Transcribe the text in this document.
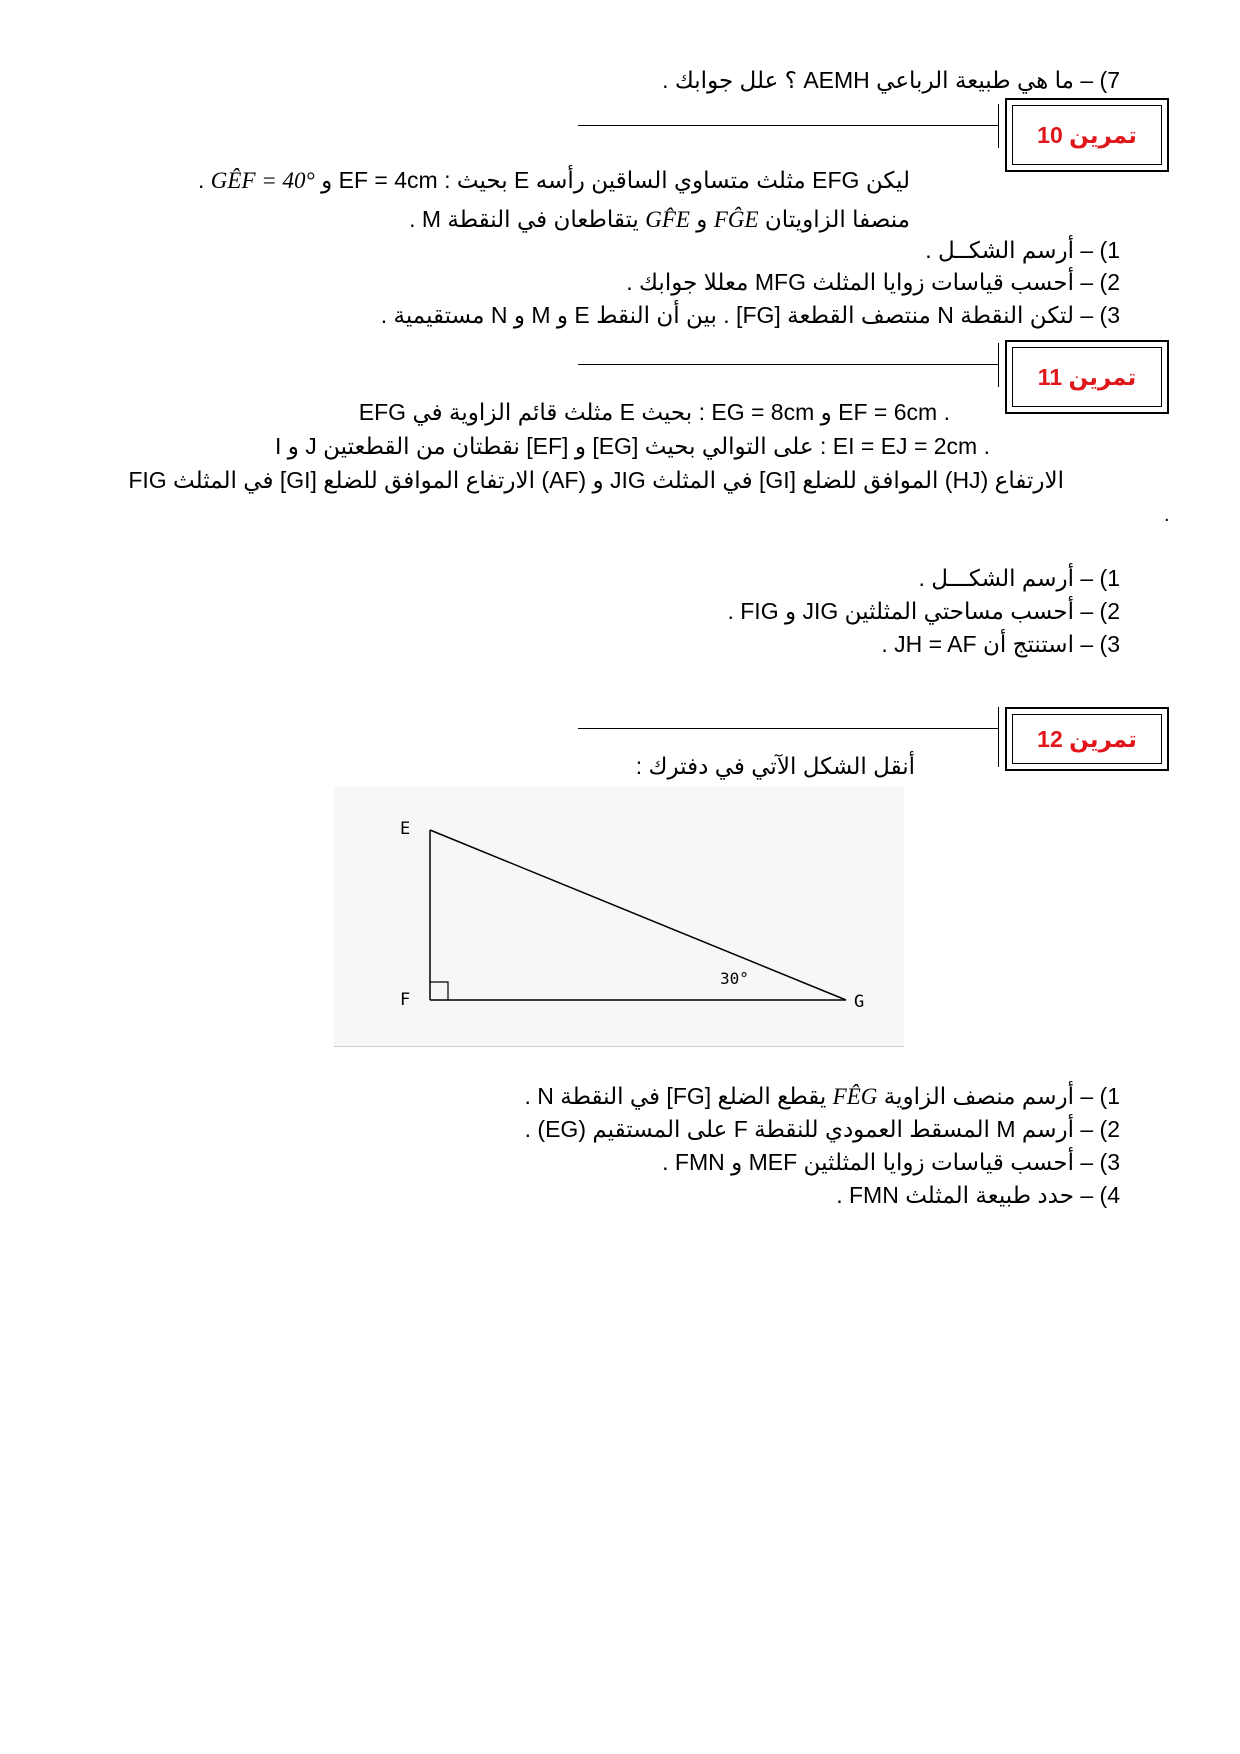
7) – ما هي طبيعة الرباعي AEMH ؟ علل جوابك .
تمرين 10
ليكن EFG مثلث متساوي الساقين رأسه E بحيث : EF = 4cm و GÊF = 40° .
منصفا الزاويتان FĜE و GF̂E يتقاطعان في النقطة M .
1) – أرسم الشكــل .
2) – أحسب قياسات زوايا المثلث MFG معللا جوابك .
3) – لتكن النقطة N منتصف القطعة [FG] . بين أن النقط E و M و N مستقيمية .
تمرين 11
EFG مثلث قائم الزاوية في E بحيث : EG = 8cm و EF = 6cm .
I و J نقطتان من القطعتين [EF] و [EG] على التوالي بحيث : EI = EJ = 2cm .
الارتفاع (HJ) الموافق للضلع [GI] في المثلث JIG و (AF) الارتفاع الموافق للضلع [GI] في المثلث FIG
.
1) – أرسم الشكـــل .
2) – أحسب مساحتي المثلثين JIG و FIG .
3) – استنتج أن JH = AF .
تمرين 12
أنقل الشكل الآتي في دفترك :
E
F	G
30°
1) – أرسم منصف الزاوية FÊG يقطع الضلع [FG] في النقطة N .
2) – أرسم M المسقط العمودي للنقطة F على المستقيم (EG) .
3) – أحسب قياسات زوايا المثلثين MEF و FMN .
4) – حدد طبيعة المثلث FMN .
